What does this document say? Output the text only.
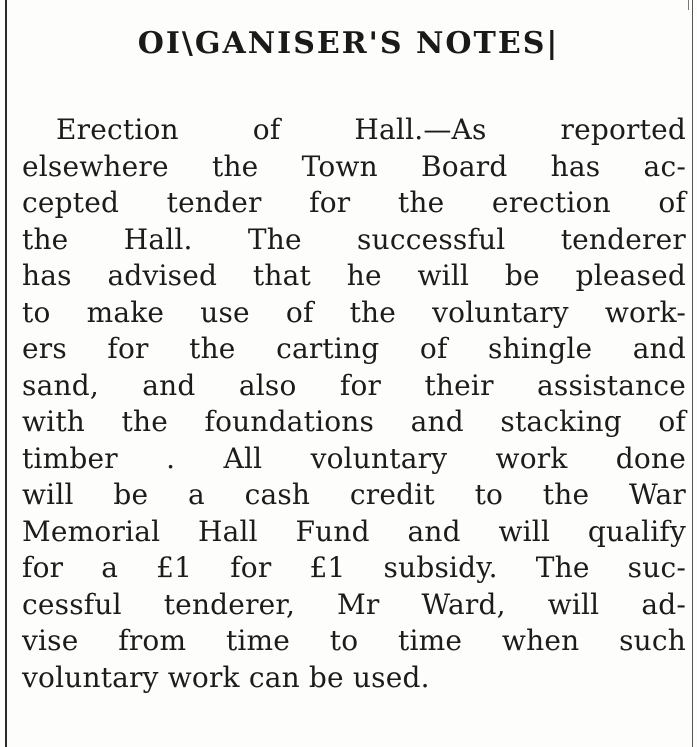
OI\GANISER'S NOTES|
Erection of Hall.—As reported
elsewhere the Town Board has ac-
cepted tender for the erection of
the Hall. The successful tenderer
has advised that he will be pleased
to make use of the voluntary work-
ers for the carting of shingle and
sand, and also for their assistance
with the foundations and stacking of
timber . All voluntary work done
will be a cash credit to the War
Memorial Hall Fund and will qualify
for a £1 for £1 subsidy. The suc-
cessful tenderer, Mr Ward, will ad-
vise from time to time when such
voluntary work can be used.
